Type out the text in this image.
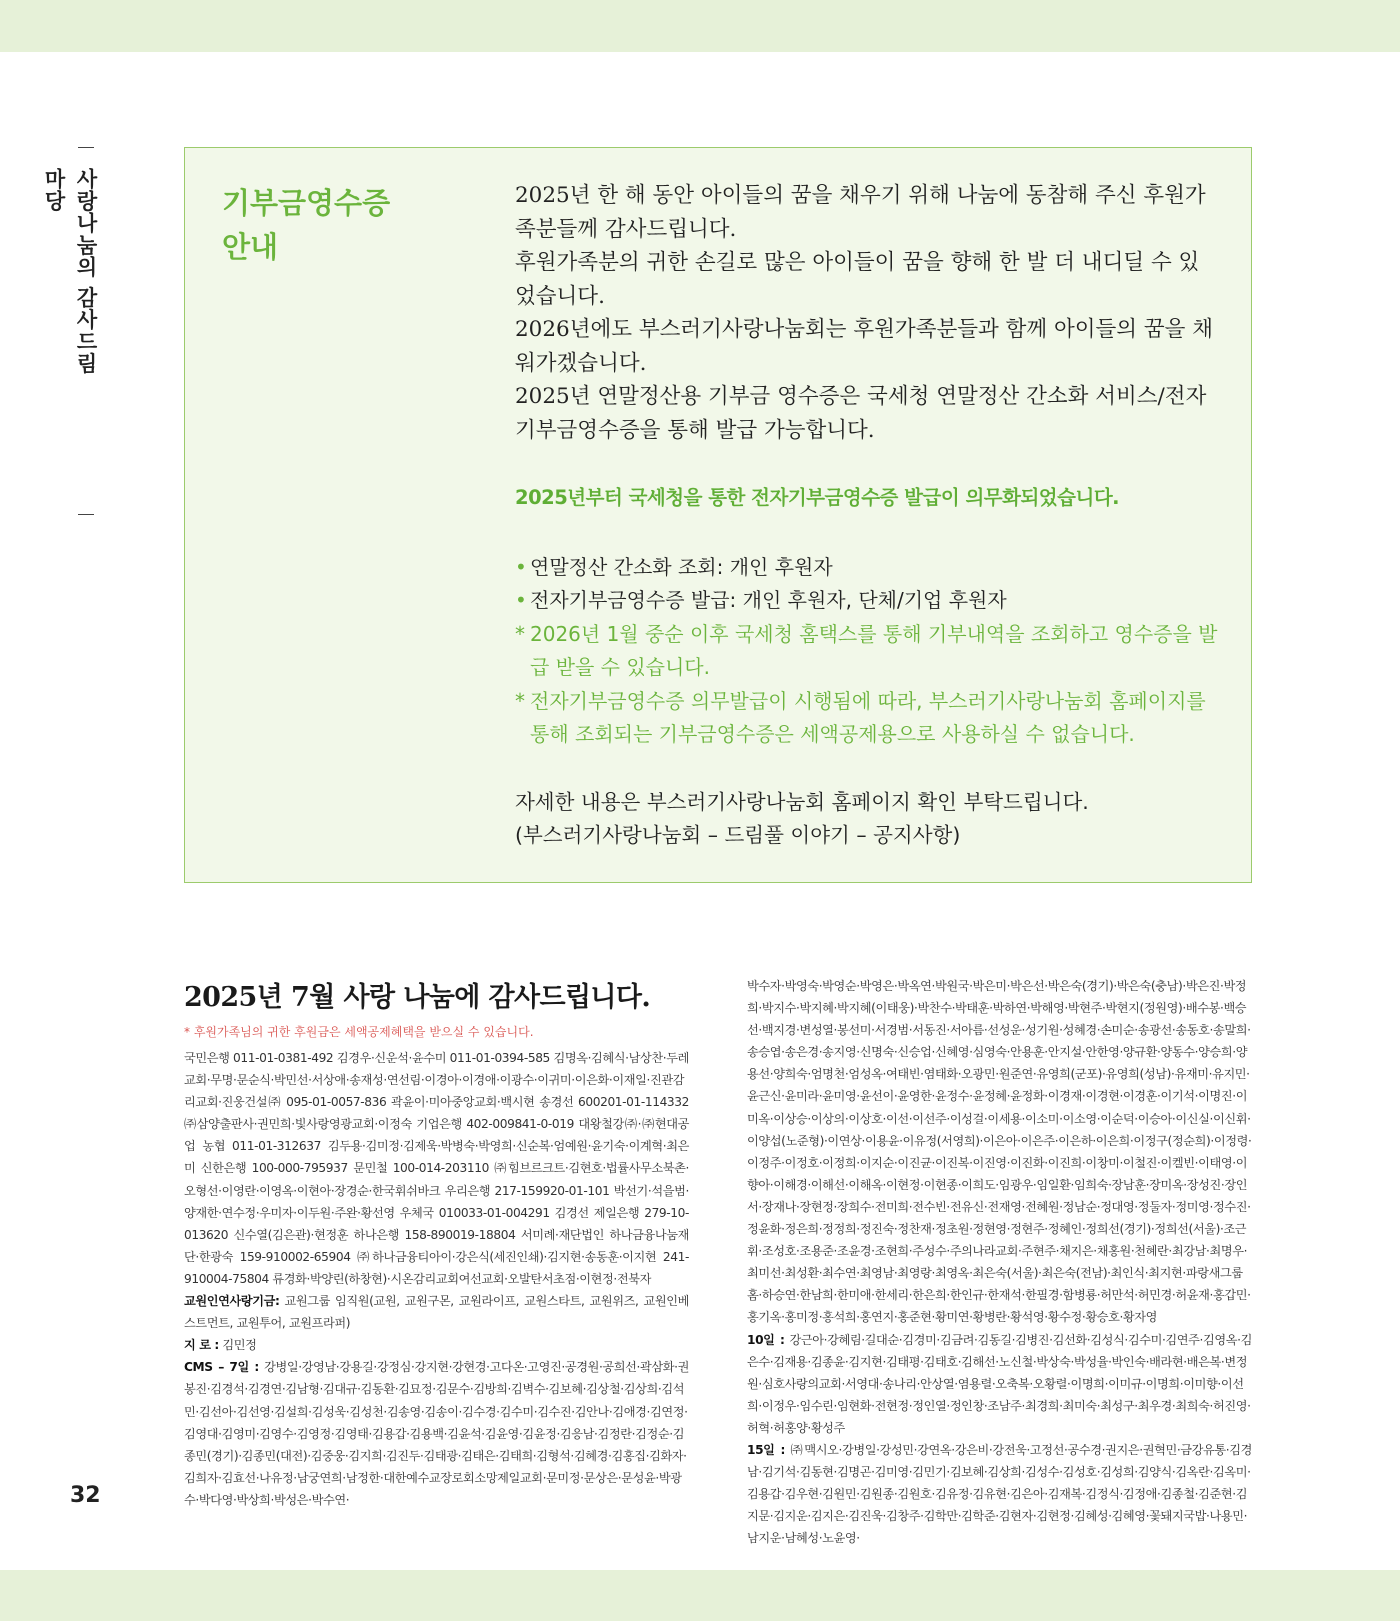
사랑나눔의 감사드림마당	기부금영수증
안내

2025년 한 해 동안 아이들의 꿈을 채우기 위해 나눔에 동참해 주신 후원가족분들께 감사드립니다.

후원가족분의 귀한 손길로 많은 아이들이 꿈을 향해 한 발 더 내디딜 수 있었습니다.

2026년에도 부스러기사랑나눔회는 후원가족분들과 함께 아이들의 꿈을 채워가겠습니다.

2025년 연말정산용 기부금 영수증은 국세청 연말정산 간소화 서비스/전자기부금영수증을 통해 발급 가능합니다.

2025년부터 국세청을 통한 전자기부금영수증 발급이 의무화되었습니다.

• 연말정산 간소화 조회: 개인 후원자
• 전자기부금영수증 발급: 개인 후원자, 단체/기업 후원자
* 2026년 1월 중순 이후 국세청 홈택스를 통해 기부내역을 조회하고 영수증을 발급 받을 수 있습니다.
* 전자기부금영수증 의무발급이 시행됨에 따라, 부스러기사랑나눔회 홈페이지를 통해 조회되는 기부금영수증은 세액공제용으로 사용하실 수 없습니다.

자세한 내용은 부스러기사랑나눔회 홈페이지 확인 부탁드립니다.
(부스러기사랑나눔회 – 드림풀 이야기 – 공지사항)

2025년 7월 사랑 나눔에 감사드립니다.

* 후원가족님의 귀한 후원금은 세액공제혜택을 받으실 수 있습니다.

국민은행 011-01-0381-492 김경우·신운석·윤수미 011-01-0394-585 김명옥·김혜식·남상찬·두레교회·무명·문순식·박민선·서상애·송재성·연선림·이경아·이경애·이광수·이귀미·이은화·이재일·진관감리교회·진웅건설㈜ 095-01-0057-836 곽윤이·미아중앙교회·백시현 송경선 600201-01-114332 ㈜삼양출판사·권민희·빛사랑영광교회·이정숙 기업은행 402-009841-0-019 대왕철강㈜·㈜현대공업 농협 011-01-312637 김두용·김미정·김제욱·박병숙·박영희·신순복·엄예원·윤기숙·이계혁·최은미 신한은행 100-000-795937 문민철 100-014-203110 ㈜힘브르크트·김현호·법률사무소북촌·오형선·이영란·이영옥·이현아·장경순·한국휘쉬바크 우리은행 217-159920-01-101 박선기·석을범·양재한·연수정·우미자·이두원·주완·황선영 우체국 010033-01-004291 김경선 제일은행 279-10-013620 신수열(김은관)·현정훈 하나은행 158-890019-18804 서미례·재단법인 하나금융나눔재단·한광숙 159-910002-65904 ㈜하나금융티아이·강은식(세진인쇄)·김지현·송동훈·이지현 241-910004-75804 류경화·박양린(하창현)·시온감리교회여선교회·오발탄서초점·이현정·전북자

교원인연사랑기금: 교원그룹 임직원(교원, 교원구몬, 교원라이프, 교원스타트, 교원위즈, 교원인베스트먼트, 교원투어, 교원프라퍼)

지 로 : 김민정

CMS – 7일 : 강병일·강영남·강용길·강정심·강지현·강현경·고다온·고영진·공경원·공희선·곽삼화·권봉진·김경석·김경연·김남형·김대규·김동환·김묘정·김문수·김방희·김벽수·김보혜·김상철·김상희·김석민·김선아·김선영·김설희·김성욱·김성천·김송영·김송이·김수경·김수미·김수진·김안나·김애경·김연정·김영대·김영미·김영수·김영정·김영태·김용갑·김용백·김윤석·김윤영·김윤정·김응남·김정란·김정순·김종민(경기)·김종민(대전)·김중웅·김지희·김진두·김태광·김태은·김태희·김형석·김혜경·김홍집·김화자·김희자·김효선·나유정·남궁연희·남정한·대한예수교장로회소망제일교회·문미정·문상은·문성윤·박광수·박다영·박상희·박성은·박수연·

박수자·박영숙·박영순·박영은·박옥연·박원국·박은미·박은선·박은숙(경기)·박은숙(충남)·박은진·박정희·박지수·박지혜·박지혜(이태웅)·박찬수·박태훈·박하연·박해영·박현주·박현지(정원영)·배수봉·백승선·백지경·변성열·봉선미·서경범·서동진·서아름·선성운·성기원·성혜경·손미순·송광선·송동호·송말희·송승엽·송은경·송지영·신명숙·신승업·신혜영·심영숙·안용훈·안지설·안한영·양규환·양동수·양승희·양용선·양희숙·엄명천·엄성옥·여태빈·염태화·오광민·원준연·유영희(군포)·유영희(성남)·유재미·유지민·윤근신·윤미라·윤미영·윤선이·윤영한·윤정수·윤정혜·윤정화·이경재·이경현·이경훈·이기석·이명진·이미옥·이상승·이상의·이상호·이선·이선주·이성걸·이세용·이소미·이소영·이순덕·이승아·이신실·이신휘·이양섭(노준형)·이연상·이용윤·이유정(서영희)·이은아·이은주·이은하·이은희·이정구(정순희)·이정령·이정주·이정호·이정희·이지순·이진균·이진복·이진영·이진화·이진희·이창미·이철진·이켈빈·이태영·이향아·이해경·이해선·이해옥·이현정·이현종·이희도·임광우·임일환·임희숙·장남훈·장미옥·장성진·장인서·장재나·장현정·장희수·전미희·전수빈·전유신·전재영·전혜원·정남순·정대영·정둘자·정미영·정수진·정윤화·정은희·정정희·정진숙·정찬재·정초원·정현영·정현주·정혜인·정희선(경기)·정희선(서울)·조근휘·조성호·조용준·조윤경·조현희·주성수·주의나라교회·주현주·채지은·채홍원·천혜란·최강남·최명우·최미선·최성환·최수연·최영남·최영랑·최영옥·최은숙(서울)·최은숙(전남)·최인식·최지현·파랑새그룹홈·하승연·한남희·한미애·한세리·한은희·한인규·한재석·한필경·함병룡·허만석·허민경·허윤재·홍갑민·홍기옥·홍미정·홍석희·홍연지·홍준현·황미연·황병란·황석영·황수정·황승호·황자영

10일 : 강근아·강혜림·길대순·김경미·김금려·김동길·김병진·김선화·김성식·김수미·김연주·김영옥·김은수·김재용·김종윤·김지현·김태평·김태호·김해선·노신철·박상숙·박성율·박인숙·배라현·배은복·변정원·심호사랑의교회·서영대·송나리·안상열·염용렬·오축복·오황렬·이명희·이미규·이명희·이미향·이선희·이정우·임수린·임현화·전현정·정인열·정인창·조남주·최경희·최미숙·최성구·최우경·최희숙·허진영·허혁·허홍양·황성주

15일 : ㈜맥시오·강병일·강성민·강연옥·강은비·강전욱·고정선·공수경·권지은·권혁민·금강유통·김경남·김기석·김동현·김명곤·김미영·김민기·김보혜·김상희·김성수·김성호·김성희·김양식·김옥란·김옥미·김용갑·김우현·김원민·김원종·김원호·김유정·김유현·김은아·김재복·김정식·김정애·김종철·김준현·김지문·김지운·김지은·김진욱·김창주·김학만·김학준·김현자·김현정·김혜성·김혜영·꽃돼지국밥·나용민·남지운·남혜성·노윤영·

32
